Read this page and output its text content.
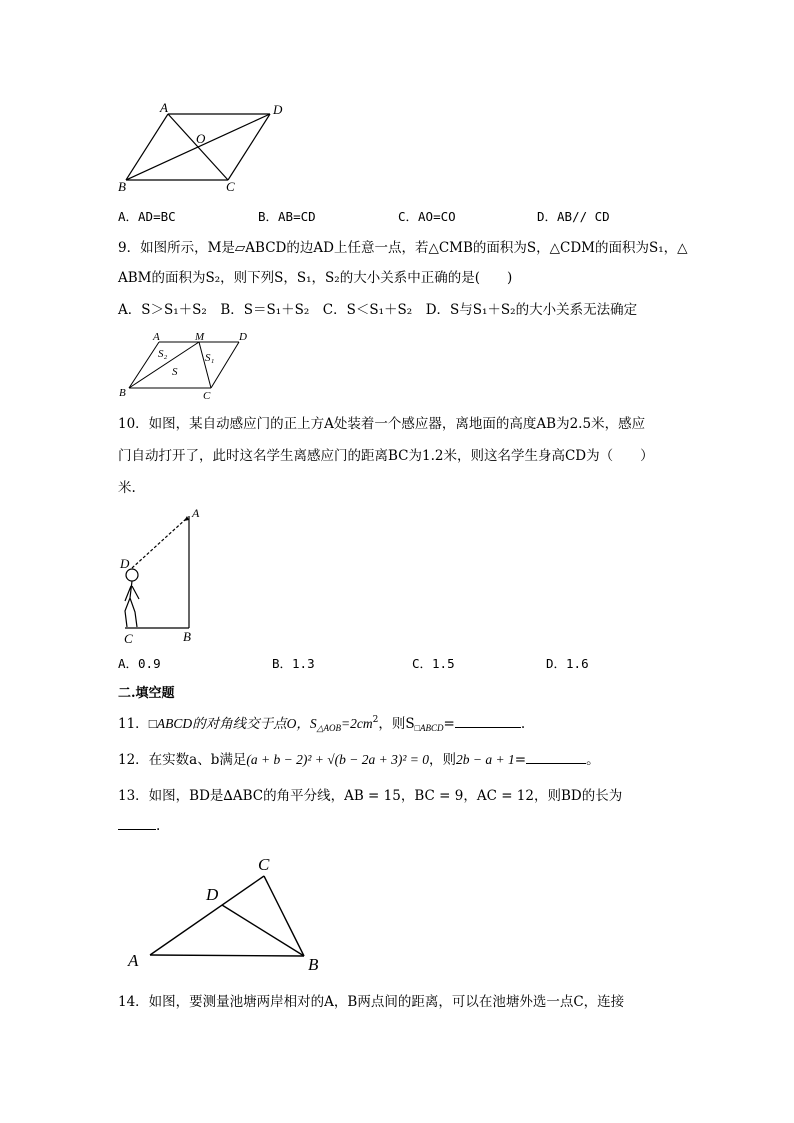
A	D
O
B	C
A．AD=BC	B．AB=CD	C．AO=CO	D．AB// CD
9．如图所示，M是▱ABCD的边AD上任意一点，若△CMB的面积为S，△CDM的面积为S₁，△
ABM的面积为S₂，则下列S，S₁，S₂的大小关系中正确的是(　　)
A．S＞S₁＋S₂　B．S＝S₁＋S₂　C．S＜S₁＋S₂　D．S与S₁＋S₂的大小关系无法确定
A	M	D
B	C
S₂	S₁
S
10．如图，某自动感应门的正上方A处装着一个感应器，离地面的高度AB为2.5米，感应
门自动打开了，此时这名学生离感应门的距离BC为1.2米，则这名学生身高CD为（　　）
米.
A
D
C	B
A．0.9	B．1.3	C．1.5	D．1.6
二.填空题
11．□ABCD的对角线交于点O，$S_{\triangle AOB}=2cm^2$，则$S_{□ABCD}=$	.
12．在实数a、b满足(a + b − 2)² + √(b − 2a + 3)² = 0，则2b − a + 1=	。
13．如图，BD是∆ABC的角平分线，AB = 15，BC = 9，AC = 12，则BD的长为
.
C
D
A	B
14．如图，要测量池塘两岸相对的A，B两点间的距离，可以在池塘外选一点C，连接
